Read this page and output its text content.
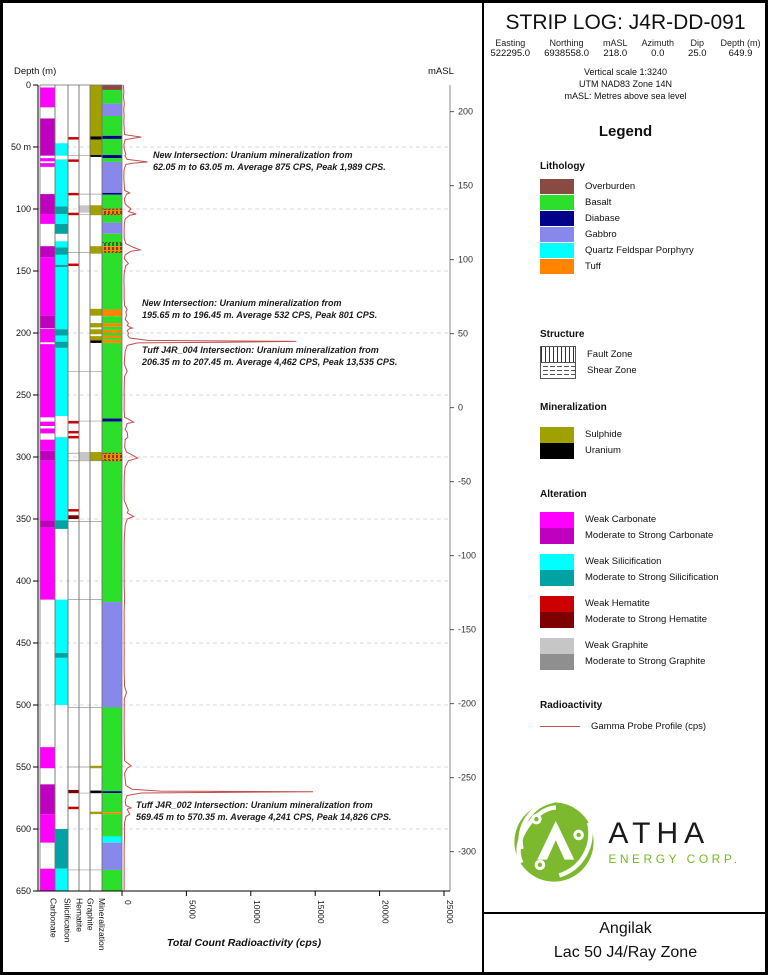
0
50 m
100
150
200
250
300
350
400
450
500
550
600
650
Depth (m)
200
150
100
50
0
-50
-100
-150
-200
-250
-300
mASL
0	5000	10000	15000	20000	25000
Total Count Radioactivity (cps)
Carbonate Silicification Hematite Graphite Mineralization
New Intersection: Uranium mineralization from 62.05 m to 63.05 m. Average 875 CPS, Peak 1,989 CPS.
New Intersection: Uranium mineralization from 195.65 m to 196.45 m. Average 532 CPS, Peak 801 CPS.
Tuff J4R_004 Intersection: Uranium mineralization from 206.35 m to 207.45 m. Average 4,462 CPS, Peak 13,535 CPS.
Tuff J4R_002 Intersection: Uranium mineralization from 569.45 m to 570.35 m. Average 4,241 CPS, Peak 14,826 CPS.
STRIP LOG: J4R-DD-091
Easting
522295.0
Northing
6938558.0
mASL
218.0
Azimuth
0.0
Dip
25.0
Depth (m)
649.9
Vertical scale 1:3240
UTM NAD83 Zone 14N
mASL: Metres above sea level
Legend
Lithology
Overburden
Basalt
Diabase
Gabbro
Quartz Feldspar Porphyry
Tuff
Structure
Fault Zone
Shear Zone
Mineralization
Sulphide
Uranium
Alteration
Weak Carbonate
Moderate to Strong Carbonate
Weak Silicification
Moderate to Strong Silicification
Weak Hematite
Moderate to Strong Hematite
Weak Graphite
Moderate to Strong Graphite
Radioactivity
Gamma Probe Profile (cps)
ATHA
ENERGY CORP.
Angilak
Lac 50 J4/Ray Zone
